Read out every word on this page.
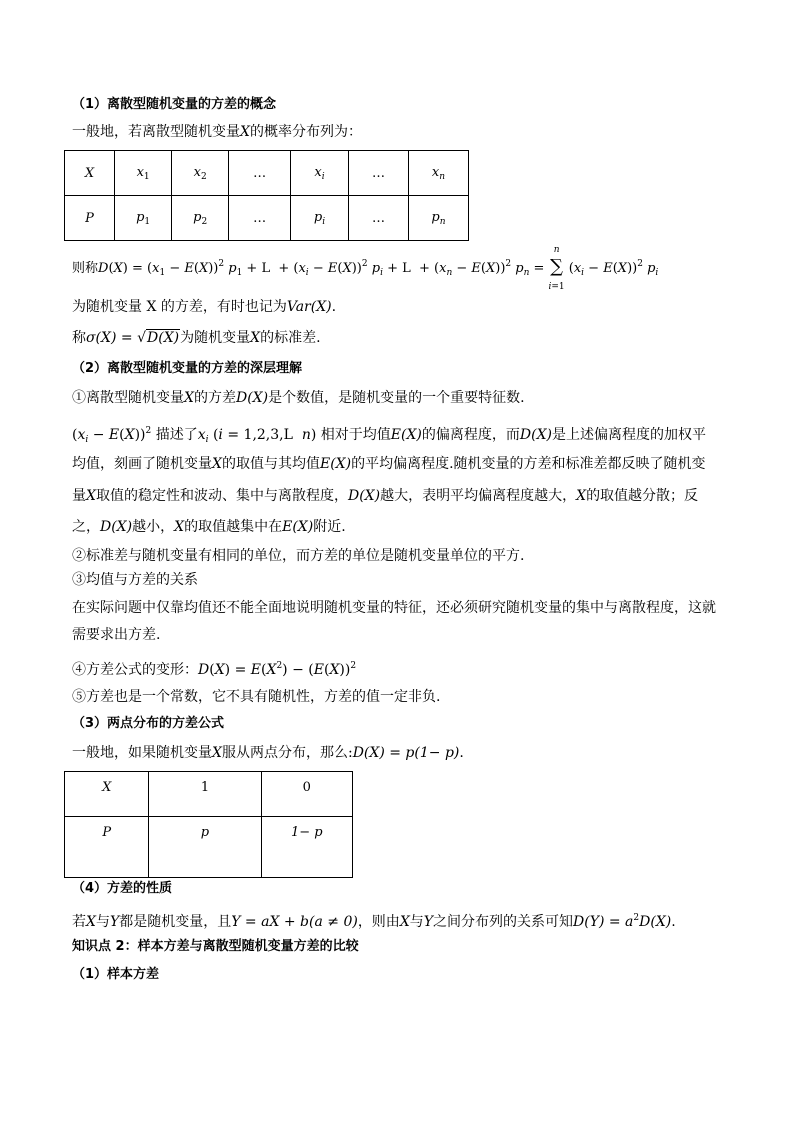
（1）离散型随机变量的方差的概念
一般地，若离散型随机变量X的概率分布列为：
X	$x_1$	$x_2$	…	$x_i$	…	$x_n$
P	$p_1$	$p_2$	…	$p_i$	…	$p_n$
则称$D(X) = (x_1 - E(X))^2$ $p_1 + L + (x_i - E(X))^2$ $p_i + L + (x_n - E(X))^2$ $p_n$ =
n
∑
i=1
$(x_i - E(X))^2$ $p_i$
为随机变量 X 的方差，有时也记为Var(X).
称σ(X) = √D(X)为随机变量X的标准差.
（2）离散型随机变量的方差的深层理解
①离散型随机变量X的方差D(X)是个数值，是随机变量的一个重要特征数.
$(x_i - E(X))^2$ 描述了$x_i$ (i = 1,2,3,L  n) 相对于均值E(X)的偏离程度，而D(X)是上述偏离程度的加权平
均值，刻画了随机变量X的取值与其均值E(X)的平均偏离程度.随机变量的方差和标准差都反映了随机变
量X取值的稳定性和波动、集中与离散程度，D(X)越大，表明平均偏离程度越大，X的取值越分散；反
之，D(X)越小，X的取值越集中在E(X)附近.
②标准差与随机变量有相同的单位，而方差的单位是随机变量单位的平方.
③均值与方差的关系
在实际问题中仅靠均值还不能全面地说明随机变量的特征，还必须研究随机变量的集中与离散程度，这就
需要求出方差.
④方差公式的变形：$D(X) = E(X^2) - (E(X))^2$
⑤方差也是一个常数，它不具有随机性，方差的值一定非负.
（3）两点分布的方差公式
一般地，如果随机变量X服从两点分布，那么:D(X) = p(1− p).
X	1	0
P	p	1− p
（4）方差的性质
若X与Y都是随机变量，且Y = aX + b(a ≠ 0)，则由X与Y之间分布列的关系可知$D(Y) = a^2D(X)$.
知识点 2：样本方差与离散型随机变量方差的比较
（1）样本方差
